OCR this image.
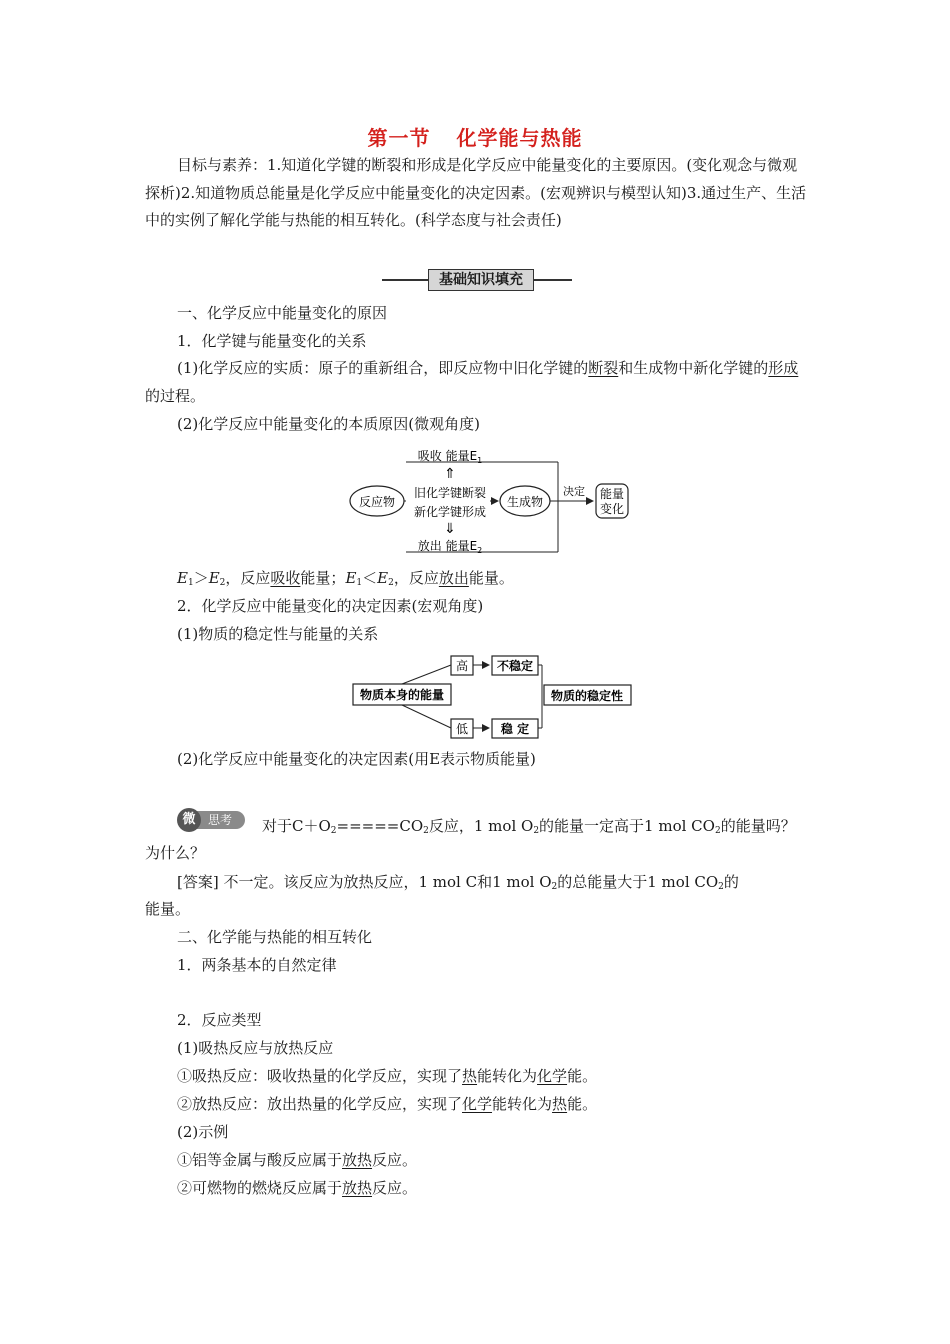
第一节 化学能与热能
目标与素养：1.知道化学键的断裂和形成是化学反应中能量变化的主要原因。(变化观念与微观探析)2.知道物质总能量是化学反应中能量变化的决定因素。(宏观辨识与模型认知)3.通过生产、生活中的实例了解化学能与热能的相互转化。(科学态度与社会责任)
基础知识填充
一、化学反应中能量变化的原因
1．化学键与能量变化的关系
(1)化学反应的实质：原子的重新组合，即反应物中旧化学键的断裂和生成物中新化学键的形成的过程。
(2)化学反应中能量变化的本质原因(微观角度)
反应物
吸收 能量$E_1$
⇑
旧化学键断裂
新化学键形成
⇓
放出 能量$E_2$
生成物
决定 能量
变化
$E_1>E_2$，反应吸收能量；$E_1<E_2$，反应放出能量。
2．化学反应中能量变化的决定因素(宏观角度)
(1)物质的稳定性与能量的关系
物质本身的能量
高
低
不稳定
稳 定
物质的稳定性
(2)化学反应中能量变化的决定因素(用E表示物质能量)
思考
微	对于$C+O_2=====CO_2$反应，1 mol $O_2$的能量一定高于1 mol $CO_2$的能量吗？
为什么？
[答案] 不一定。该反应为放热反应，1 mol C和1 mol $O_2$的总能量大于1 mol $CO_2$的
能量。
二、化学能与热能的相互转化
1．两条基本的自然定律
2．反应类型
(1)吸热反应与放热反应
①吸热反应：吸收热量的化学反应，实现了热能转化为化学能。
②放热反应：放出热量的化学反应，实现了化学能转化为热能。
(2)示例
①铝等金属与酸反应属于放热反应。
②可燃物的燃烧反应属于放热反应。
